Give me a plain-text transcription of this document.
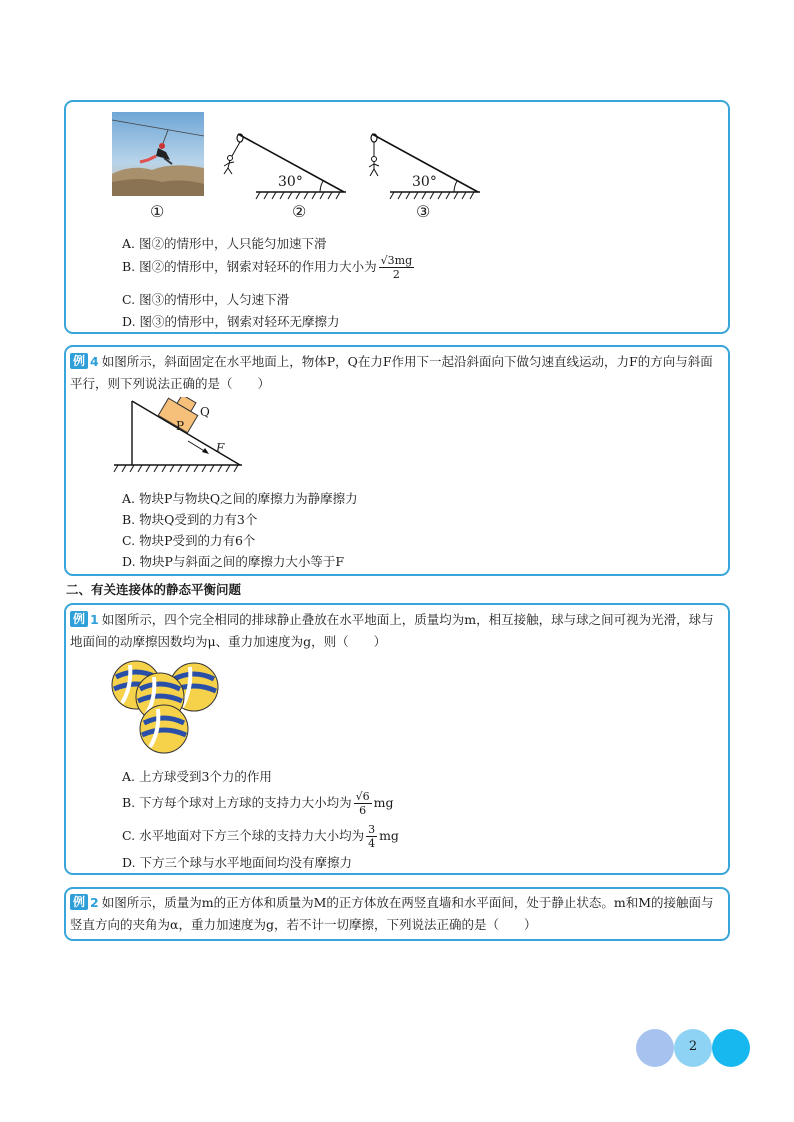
①
30°
②
30°
③
A. 图②的情形中，人只能匀加速下滑
B. 图②的情形中，钢索对轻环的作用力大小为 $\frac{√3mg}{2}$
C. 图③的情形中，人匀速下滑
D. 图③的情形中，钢索对轻环无摩擦力
例 4 如图所示，斜面固定在水平地面上，物体P，Q在力F作用下一起沿斜面向下做匀速直线运动，力F的方向与斜面平行，则下列说法正确的是（　　）
P
Q
F
A. 物块P与物块Q之间的摩擦力为静摩擦力
B. 物块Q受到的力有3个
C. 物块P受到的力有6个
D. 物块P与斜面之间的摩擦力大小等于F
二、有关连接体的静态平衡问题
例 1 如图所示，四个完全相同的排球静止叠放在水平地面上，质量均为m，相互接触，球与球之间可视为光滑，球与地面间的动摩擦因数均为μ、重力加速度为g，则（　　）
A. 上方球受到3个力的作用
B. 下方每个球对上方球的支持力大小均为 $\frac{√6}{6}$ mg
C. 水平地面对下方三个球的支持力大小均为 $\frac{3}{4}$ mg
D. 下方三个球与水平地面间均没有摩擦力
例 2 如图所示，质量为m的正方体和质量为M的正方体放在两竖直墙和水平面间，处于静止状态。m和M的接触面与竖直方向的夹角为α，重力加速度为g，若不计一切摩擦，下列说法正确的是（　　）
2
